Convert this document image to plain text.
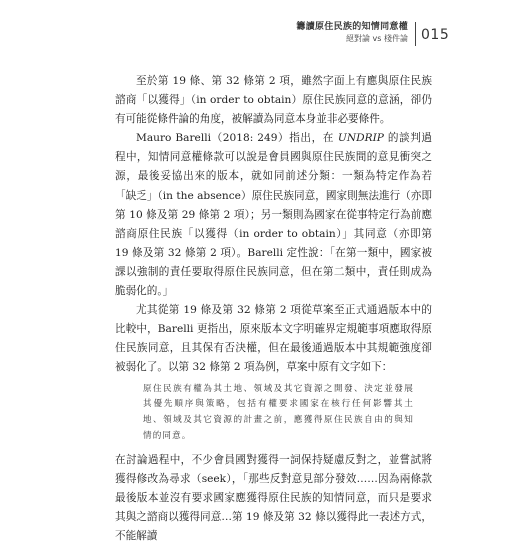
籌讀原住民族的知情同意權
絕對論 vs 棧件論 015

至於第 19 條、第 32 條第 2 項，雖然字面上有應與原住民族諮商「以獲得」（in order to obtain）原住民族同意的意涵，卻仍有可能從條件論的角度，被解讀為同意本身並非必要條件。

Mauro Barelli（2018: 249）指出，在 UNDRIP 的談判過程中，知情同意權條款可以說是會員國與原住民族間的意見衝突之源，最後妥協出來的版本，就如同前述分類：一類為特定作為若「缺乏」（in the absence）原住民族同意，國家則無法進行（亦即第 10 條及第 29 條第 2 項）；另一類則為國家在從事特定行為前應諮商原住民族「以獲得（in order to obtain）」其同意（亦即第 19 條及第 32 條第 2 項）。Barelli 定性說：「在第一類中，國家被課以強制的責任要取得原住民族同意，但在第二類中，責任則成為脆弱化的。」

尤其從第 19 條及第 32 條第 2 項從草案至正式通過版本中的比較中，Barelli 更指出，原來版本文字明確界定規範事項應取得原住民族同意，且其保有否決權，但在最後通過版本中其規範強度卻被弱化了。以第 32 條第 2 項為例，草案中原有文字如下：

原住民族有權為其土地、領域及其它資源之開發、決定並發展其優先順序與策略，包括有權要求國家在核行任何影響其土地、領域及其它資源的計畫之前，應獲得原住民族自由的與知情的同意。

在討論過程中，不少會員國對獲得一詞保持疑慮反對之，並嘗試將獲得修改為尋求（seek），「那些反對意見部分發效……因為兩條款最後版本並沒有要求國家應獲得原住民族的知情同意，而只是要求其與之諮商以獲得同意…第 19 條及第 32 條以獲得此一表述方式，不能解讀
